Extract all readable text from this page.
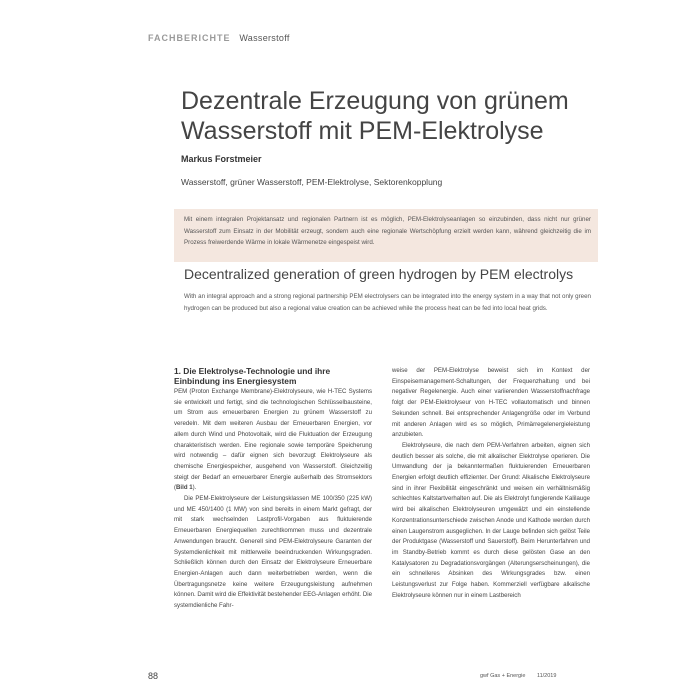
FACHBERICHTE Wasserstoff
Dezentrale Erzeugung von grünem Wasserstoff mit PEM-Elektrolyse
Markus Forstmeier
Wasserstoff, grüner Wasserstoff, PEM-Elektrolyse, Sektorenkopplung
Mit einem integralen Projektansatz und regionalen Partnern ist es möglich, PEM-Elektrolyseanlagen so einzubinden, dass nicht nur grüner Wasserstoff zum Einsatz in der Mobilität erzeugt, sondern auch eine regionale Wertschöpfung erzielt werden kann, während gleichzeitig die im Prozess freiwerdende Wärme in lokale Wärmenetze eingespeist wird.
Decentralized generation of green hydrogen by PEM electrolys
With an integral approach and a strong regional partnership PEM electrolysers can be integrated into the energy system in a way that not only green hydrogen can be produced but also a regional value creation can be achieved while the process heat can be fed into local heat grids.
1. Die Elektrolyse-Technologie und ihre Einbindung ins Energiesystem

PEM (Proton Exchange Membrane)-Elektrolyseure, wie H-TEC Systems sie entwickelt und fertigt, sind die technologischen Schlüsselbausteine, um Strom aus erneuerbaren Energien zu grünem Wasserstoff zu veredeln. Mit dem weiteren Ausbau der Erneuerbaren Energien, vor allem durch Wind und Photovoltaik, wird die Fluktuation der Erzeugung charakteristisch werden. Eine regionale sowie temporäre Speicherung wird notwendig – dafür eignen sich bevorzugt Elektrolyseure als chemische Energiespeicher, ausgehend von Wasserstoff. Gleichzeitig steigt der Bedarf an erneuerbarer Energie außerhalb des Stromsektors (Bild 1).

Die PEM-Elektrolyseure der Leistungsklassen ME 100/350 (225 kW) und ME 450/1400 (1 MW) von sind bereits in einem Markt gefragt, der mit stark wechselnden Lastprofil-Vorgaben aus fluktuierende Erneuerbaren Energiequellen zurechtkommen muss und dezentrale Anwendungen braucht. Generell sind PEM-Elektrolyseure Garanten der Systemdienlichkeit mit mittlerweile beeindruckenden Wirkungsgraden. Schließlich können durch den Einsatz der Elektrolyseure Erneuerbare Energien-Anlagen auch dann weiterbetrieben werden, wenn die Übertragungsnetze keine weitere Erzeugungsleistung aufnehmen können. Damit wird die Effektivität bestehender EEG-Anlagen erhöht. Die systemdienliche Fahr-

weise der PEM-Elektrolyse beweist sich im Kontext der Einspeisemanagement-Schaltungen, der Frequenzhaltung und bei negativer Regelenergie. Auch einer variierenden Wasserstoffnachfrage folgt der PEM-Elektrolyseur von H-TEC vollautomatisch und binnen Sekunden schnell. Bei entsprechender Anlagengröße oder im Verbund mit anderen Anlagen wird es so möglich, Primärregelenergieleistung anzubieten.

Elektrolyseure, die nach dem PEM-Verfahren arbeiten, eignen sich deutlich besser als solche, die mit alkalischer Elektrolyse operieren. Die Umwandlung der ja bekanntermaßen fluktuierenden Erneuerbaren Energien erfolgt deutlich effizienter. Der Grund: Alkalische Elektrolyseure sind in ihrer Flexibilität eingeschränkt und weisen ein verhältnismäßig schlechtes Kaltstartverhalten auf. Die als Elektrolyt fungierende Kalilauge wird bei alkalischen Elektrolyseuren umgewälzt und ein einstellende Konzentrationsunterschiede zwischen Anode und Kathode werden durch einen Laugenstrom ausgeglichen. In der Lauge befinden sich gelöst Teile der Produktgase (Wasserstoff und Sauerstoff). Beim Herunterfahren und im Standby-Betrieb kommt es durch diese gelösten Gase an den Katalysatoren zu Degradationsvorgängen (Alterungserscheinungen), die ein schnelleres Absinken des Wirkungsgrades bzw. einen Leistungsverlust zur Folge haben. Kommerziell verfügbare alkalische Elektrolyseure können nur in einem Lastbereich

88	gwf Gas + Energie 11/2019
